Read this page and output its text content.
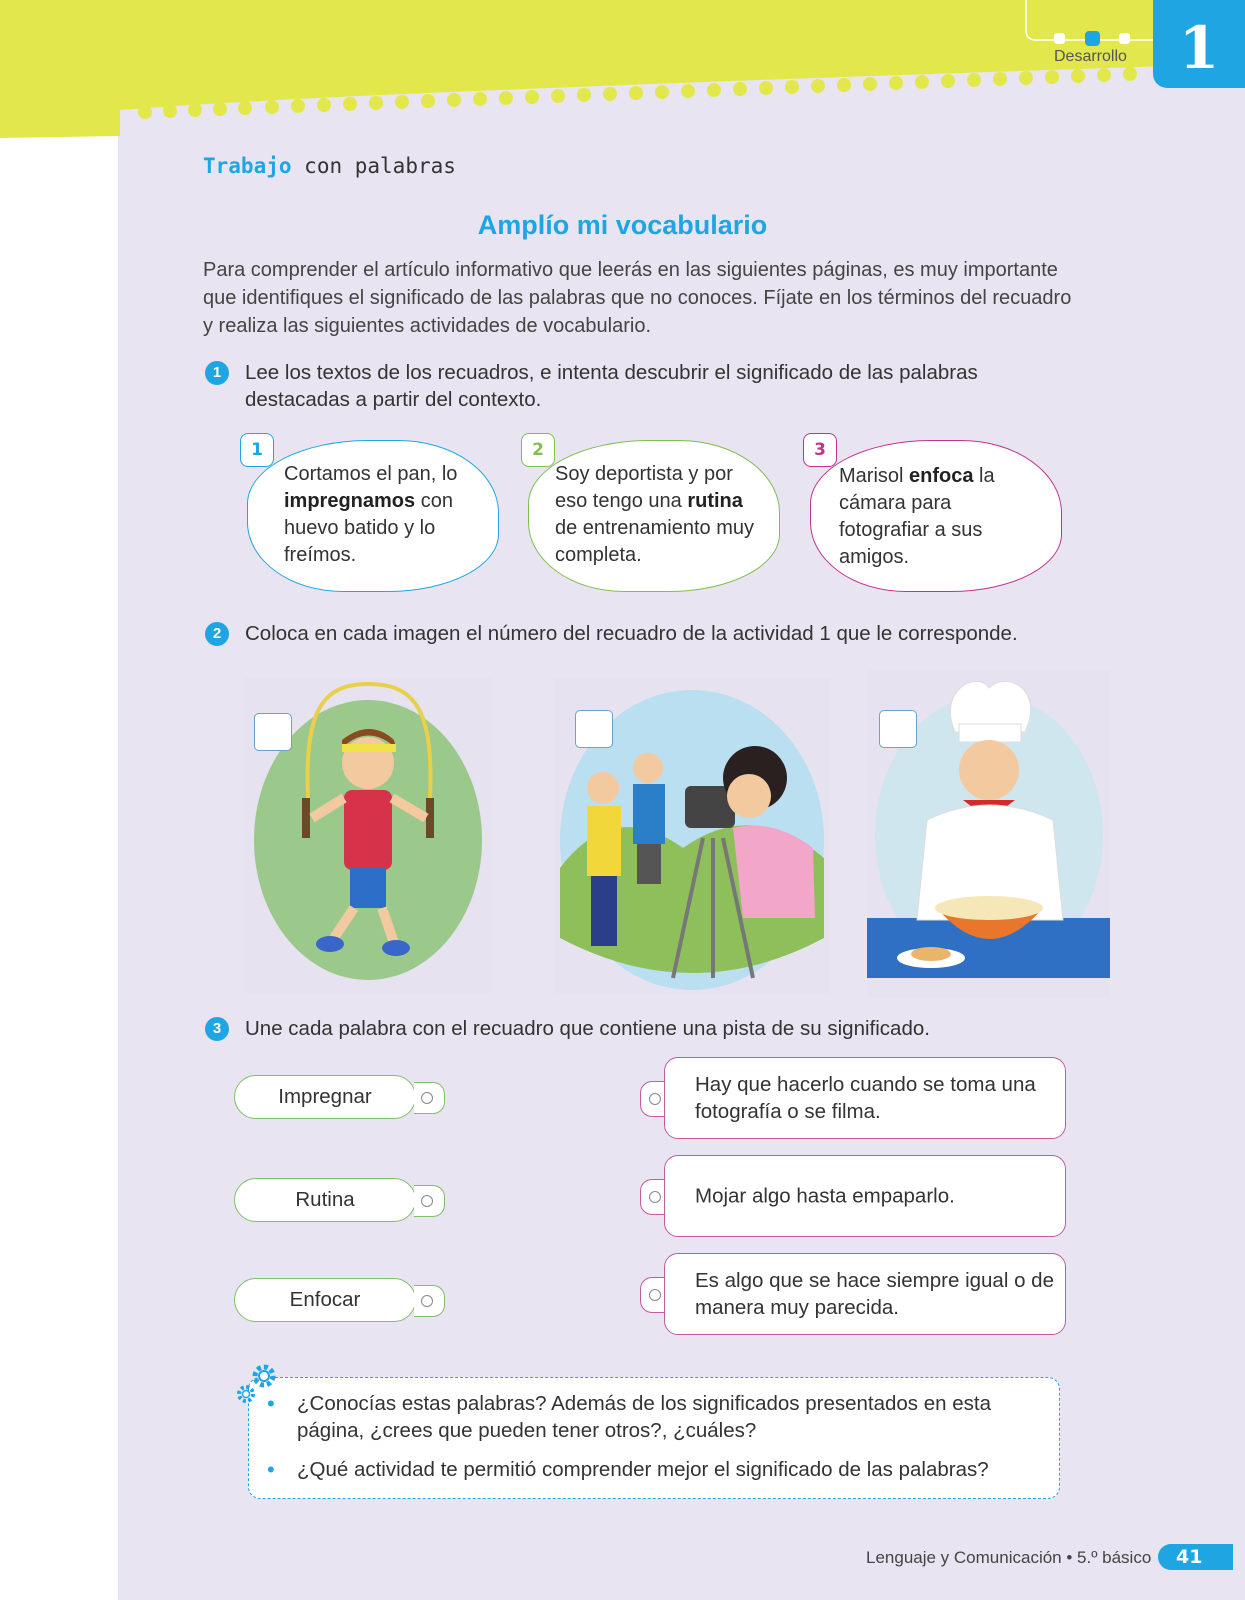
1
Desarrollo
Trabajo con palabras
Amplío mi vocabulario
Para comprender el artículo informativo que leerás en las siguientes páginas, es muy importante que identifiques el significado de las palabras que no conoces. Fíjate en los términos del recuadro y realiza las siguientes actividades de vocabulario.
1	Lee los textos de los recuadros, e intenta descubrir el significado de las palabras destacadas a partir del contexto.
1
Cortamos el pan, lo impregnamos con huevo batido y lo freímos.
2
Soy deportista y por eso tengo una rutina de entrenamiento muy completa.
3
Marisol enfoca la cámara para fotografiar a sus amigos.
2	Coloca en cada imagen el número del recuadro de la actividad 1 que le corresponde.
3	Une cada palabra con el recuadro que contiene una pista de su significado.
Impregnar
Rutina
Enfocar
Hay que hacerlo cuando se toma una fotografía o se filma.
Mojar algo hasta empaparlo.
Es algo que se hace siempre igual o de manera muy parecida.
• ¿Conocías estas palabras? Además de los significados presentados en esta página, ¿crees que pueden tener otros?, ¿cuáles?
• ¿Qué actividad te permitió comprender mejor el significado de las palabras?
Lenguaje y Comunicación • 5.º básico	41
